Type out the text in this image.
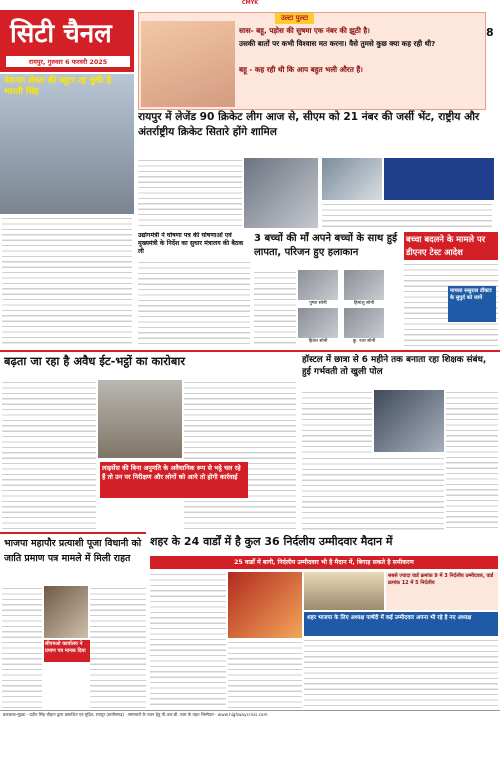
CMYK
सिटी चैनल
रायपुर, गुरुवार 6 फरवरी 2025
उल्टा पुल्टा
सास- बहू, पड़ोस की सुषमा एक नंबर की झूठी है।
उसकी बातों पर कभी विश्वास मत करना। वैसे तुमसे कुछ क्या कह रही थी?
बहू - कह रही थी कि आप बहुत भली औरत हैं।
8
नेशनल लेवल की ब्यूटर रह चुकी हैं भारती सिंह
रायपुर में लेजेंड 90 क्रिकेट लीग आज से, सीएम को 21 नंबर की जर्सी भेंट, राष्ट्रीय और अंतर्राष्ट्रीय क्रिकेट सितारे होंगे शामिल
उद्योगमंत्री ने घोषणा पत्र की घोषणाओं एवं मुख्यमंत्री के निर्देश का सुधार मंत्रालय की बैठक ली
3 बच्चों की माँ अपने बच्चों के साथ हुई लापता, परिजन हुए हलाकान
पुष्पा सोनी	हिमांशु सोनी
हितेश सोनी	कु. रजा सोनी
बच्चा बदलने के मामले पर डीएनए टेस्ट आदेश
मामला ससुराल डॉक्टर के सुपुर्द को जायें
बढ़ता जा रहा है अवैध ईट-भट्ठों का कारोबार
लाइसेंस की बिना अनुमति के अवैधानिक रूप से भट्ठे चल रहे हैं तो उन पर निरीक्षण और लोगों को आये तो होगी कार्रवाई
हॉस्टल में छात्रा से 6 महीने तक बनाता रहा शिक्षक संबंध, हुई गर्भवती तो खुली पोल
भाजपा महापौर प्रत्याशी पूजा विधानी को जाति प्रमाण पत्र मामले में मिली राहत
सीएमओ कार्यालय ने प्रमाण पत्र मानक दिया
शहर के 24 वार्डों में है कुल 36 निर्दलीय उम्मीदवार मैदान में
25 वार्डों में बागी, निर्दलीय उम्मीदवार भी है मैदान में, बिगाड़ सकते है समीकरण
सबसे ज्यादा वार्ड क्रमांक 9 में 3 निर्दलीय उम्मीदवार, वार्ड क्रमांक 12 में 5 निर्दलीय
शहर भाजपा के लिए अध्यक्ष पार्षदी में कई उम्मीदवार अपना भी रहे है नए अध्यक्ष
प्रकाशक-मुद्रक - प्रदीप सिंह चौहान द्वारा प्रकाशित एवं मुद्रित, रायपुर (छत्तीसगढ़) · समाचारों के चयन हेतु पी.आर.बी. एक्ट के तहत जिम्मेदार · www.highwaycrisis.com
